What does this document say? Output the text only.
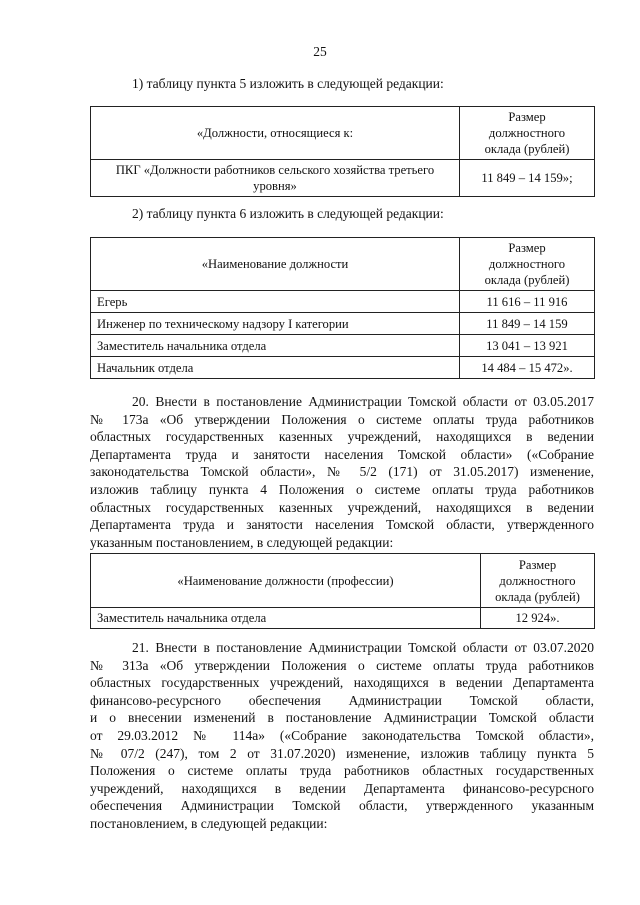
25
1) таблицу пункта 5 изложить в следующей редакции:
«Должности, относящиеся к:	Размер
должностного
оклада (рублей)

ПКГ «Должности работников сельского хозяйства третьего
уровня»	11 849 – 14 159»;
2) таблицу пункта 6 изложить в следующей редакции:
«Наименование должности	Размер
должностного
оклада (рублей)

Егерь	11 616 – 11 916
Инженер по техническому надзору I категории	11 849 – 14 159
Заместитель начальника отдела	13 041 – 13 921
Начальник отдела	14 484 – 15 472».
20. Внести в постановление Администрации Томской области от 03.05.2017
№ 173а «Об утверждении Положения о системе оплаты труда работников
областных государственных казенных учреждений, находящихся в ведении
Департамента труда и занятости населения Томской области» («Собрание
законодательства Томской области», № 5/2 (171) от 31.05.2017) изменение,
изложив таблицу пункта 4 Положения о системе оплаты труда работников
областных государственных казенных учреждений, находящихся в ведении
Департамента труда и занятости населения Томской области, утвержденного
указанным постановлением, в следующей редакции:
«Наименование должности (профессии)	Размер
должностного
оклада (рублей)

Заместитель начальника отдела	12 924».
21. Внести в постановление Администрации Томской области от 03.07.2020
№ 313а «Об утверждении Положения о системе оплаты труда работников
областных государственных учреждений, находящихся в ведении Департамента
финансово-ресурсного обеспечения Администрации Томской области,
и о внесении изменений в постановление Администрации Томской области
от 29.03.2012 № 114а» («Собрание законодательства Томской области»,
№ 07/2 (247), том 2 от 31.07.2020) изменение, изложив таблицу пункта 5
Положения о системе оплаты труда работников областных государственных
учреждений, находящихся в ведении Департамента финансово-ресурсного
обеспечения Администрации Томской области, утвержденного указанным
постановлением, в следующей редакции:
